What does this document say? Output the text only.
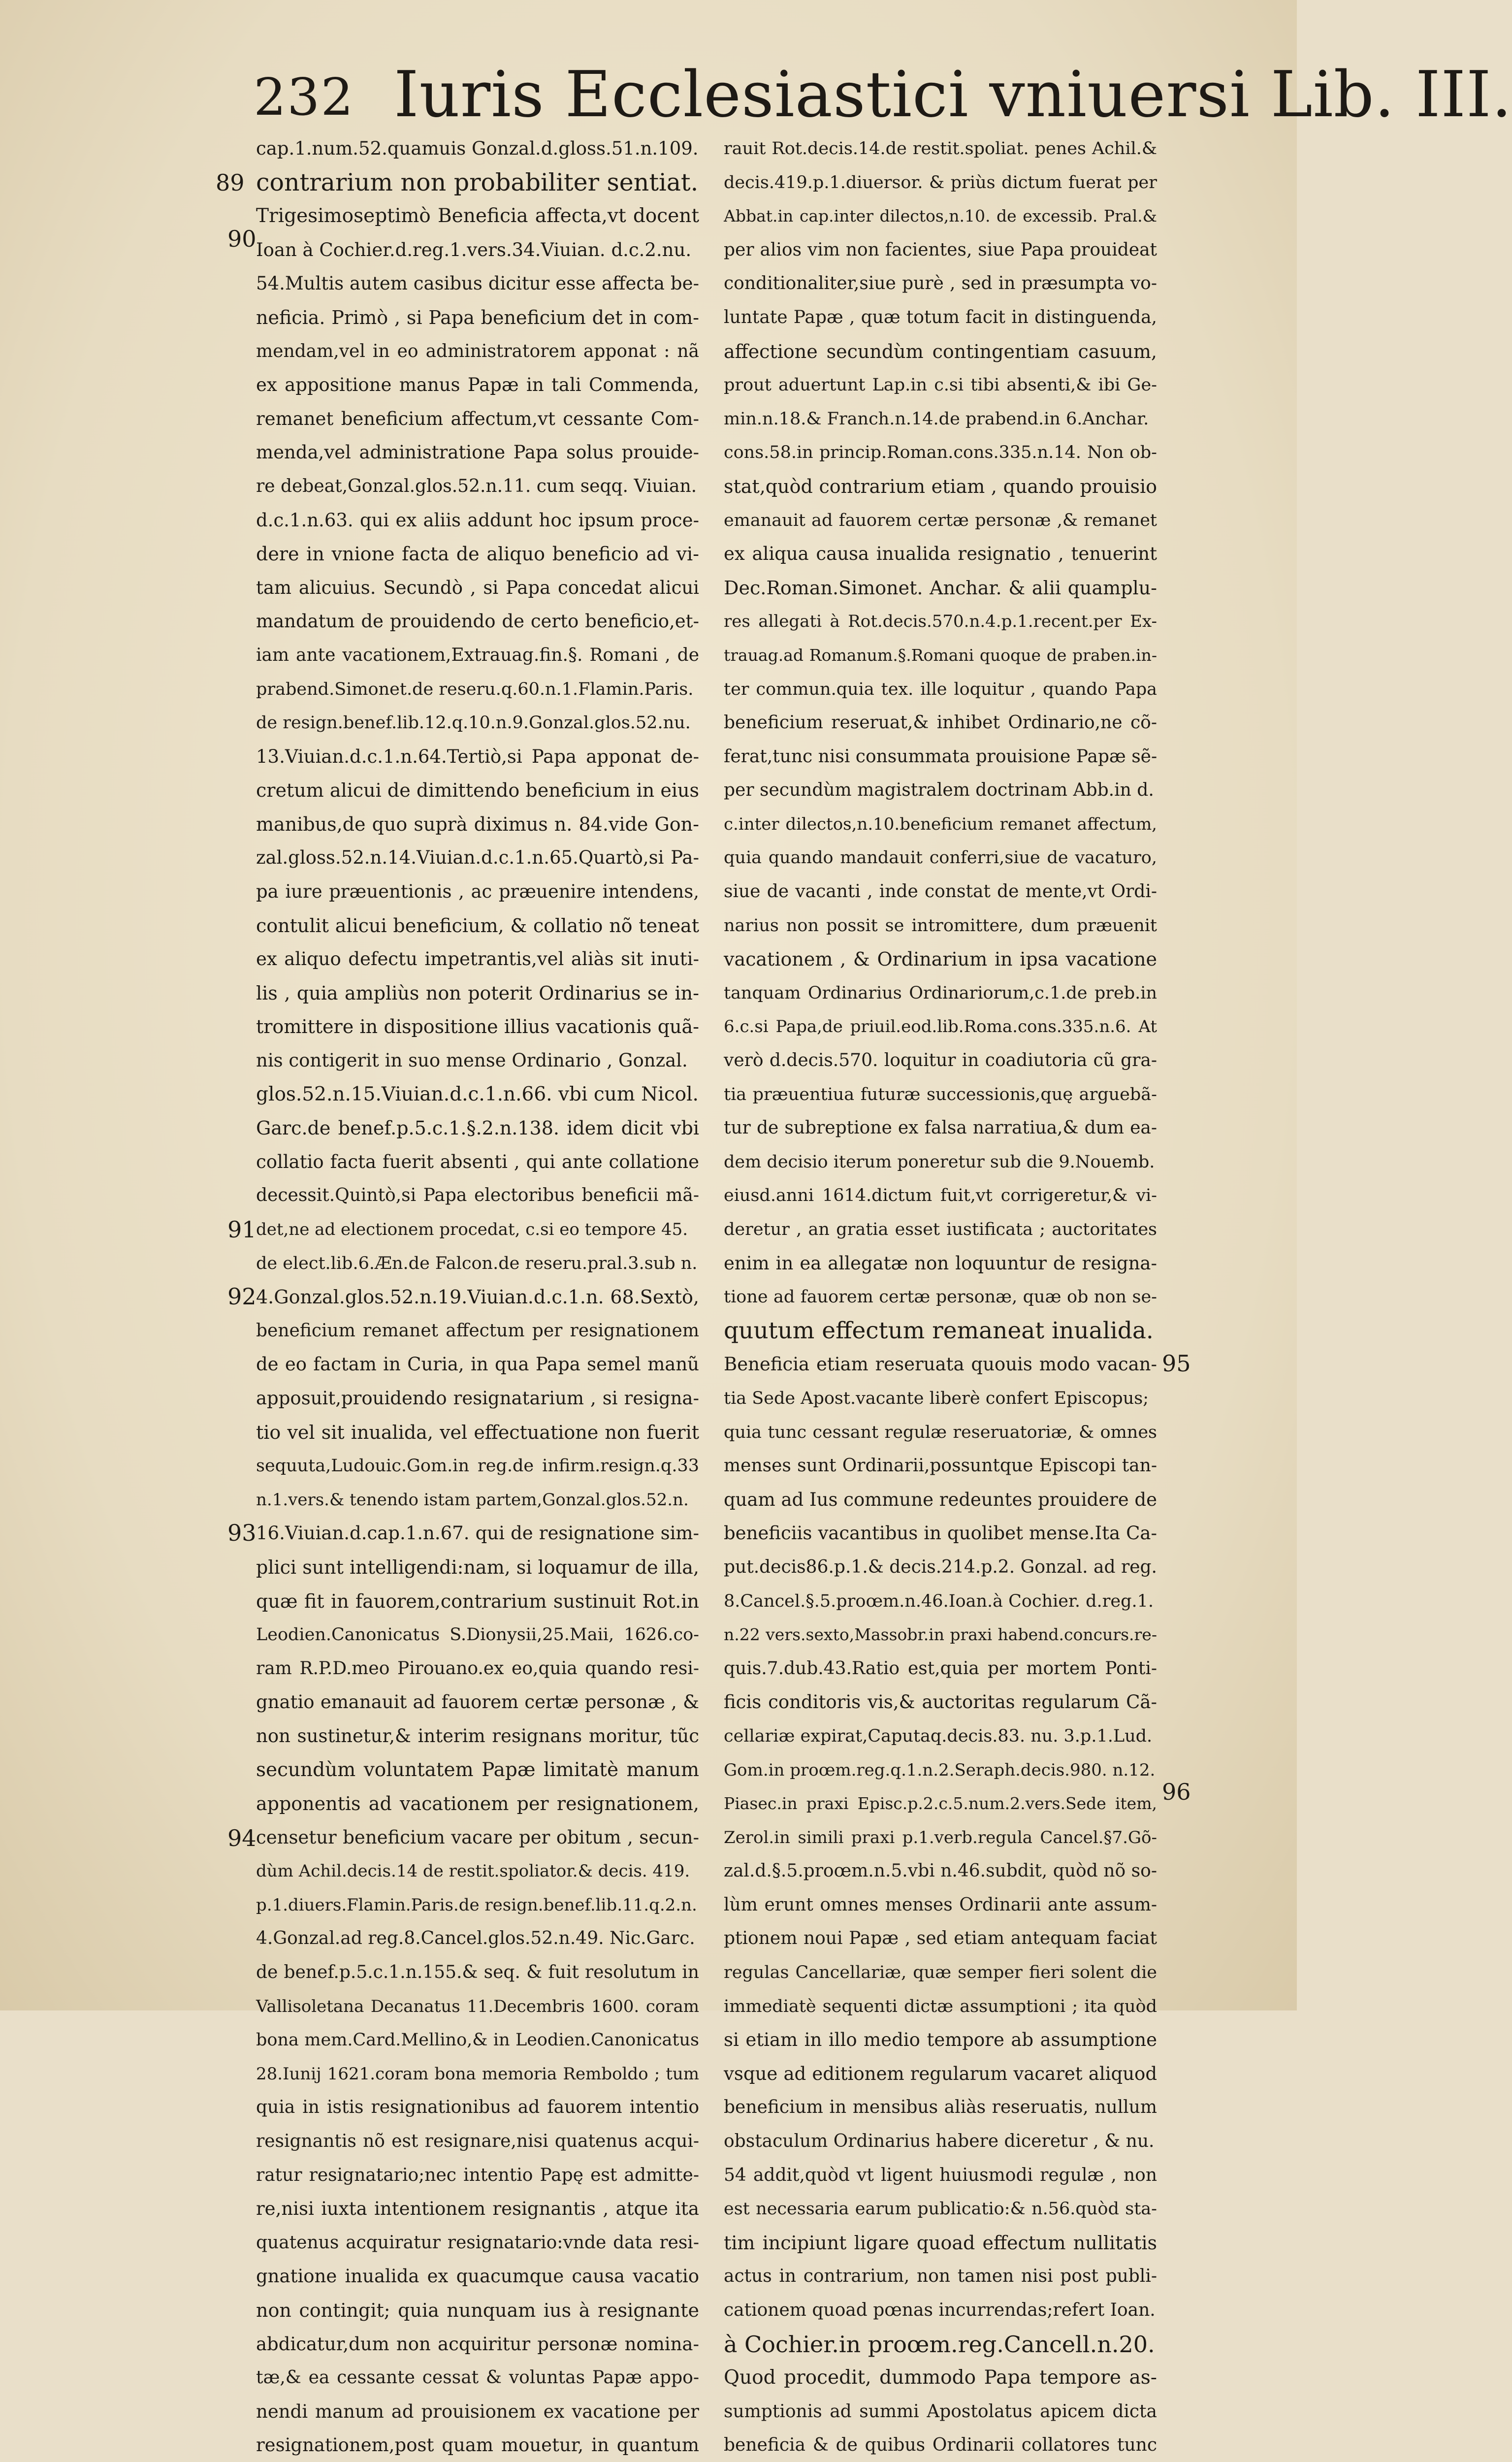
232 Iuris Ecclesiastici vniuersi Lib. III.
cap.1.num.52.quamuis Gonzal.d.gloss.51.n.109.
contrarium non probabiliter sentiat.
Trigesimoseptimò Beneficia affecta,vt docent
Ioan à Cochier.d.reg.1.vers.34.Viuian. d.c.2.nu.
54.Multis autem casibus dicitur esse affecta be-
neficia. Primò , si Papa beneficium det in com-
mendam,vel in eo administratorem apponat : nã
ex appositione manus Papæ in tali Commenda,
remanet beneficium affectum,vt cessante Com-
menda,vel administratione Papa solus prouide-
re debeat,Gonzal.glos.52.n.11. cum seqq. Viuian.
d.c.1.n.63. qui ex aliis addunt hoc ipsum proce-
dere in vnione facta de aliquo beneficio ad vi-
tam alicuius. Secundò , si Papa concedat alicui
mandatum de prouidendo de certo beneficio,et-
iam ante vacationem,Extrauag.fin.§. Romani , de
prabend.Simonet.de reseru.q.60.n.1.Flamin.Paris.
de resign.benef.lib.12.q.10.n.9.Gonzal.glos.52.nu.
13.Viuian.d.c.1.n.64.Tertiò,si Papa apponat de-
cretum alicui de dimittendo beneficium in eius
manibus,de quo suprà diximus n. 84.vide Gon-
zal.gloss.52.n.14.Viuian.d.c.1.n.65.Quartò,si Pa-
pa iure præuentionis , ac præuenire intendens,
contulit alicui beneficium, & collatio nõ teneat
ex aliquo defectu impetrantis,vel aliàs sit inuti-
lis , quia ampliùs non poterit Ordinarius se in-
tromittere in dispositione illius vacationis quã-
nis contigerit in suo mense Ordinario , Gonzal.
glos.52.n.15.Viuian.d.c.1.n.66. vbi cum Nicol.
Garc.de benef.p.5.c.1.§.2.n.138. idem dicit vbi
collatio facta fuerit absenti , qui ante collatione
decessit.Quintò,si Papa electoribus beneficii mã-
det,ne ad electionem procedat, c.si eo tempore 45.
de elect.lib.6.Æn.de Falcon.de reseru.pral.3.sub n.
4.Gonzal.glos.52.n.19.Viuian.d.c.1.n. 68.Sextò,
beneficium remanet affectum per resignationem
de eo factam in Curia, in qua Papa semel manũ
apposuit,prouidendo resignatarium , si resigna-
tio vel sit inualida, vel effectuatione non fuerit
sequuta,Ludouic.Gom.in reg.de infirm.resign.q.33
n.1.vers.& tenendo istam partem,Gonzal.glos.52.n.
16.Viuian.d.cap.1.n.67. qui de resignatione sim-
plici sunt intelligendi:nam, si loquamur de illa,
quæ fit in fauorem,contrarium sustinuit Rot.in
Leodien.Canonicatus S.Dionysii,25.Maii, 1626.co-
ram R.P.D.meo Pirouano.ex eo,quia quando resi-
gnatio emanauit ad fauorem certæ personæ , &
non sustinetur,& interim resignans moritur, tũc
secundùm voluntatem Papæ limitatè manum
apponentis ad vacationem per resignationem,
censetur beneficium vacare per obitum , secun-
dùm Achil.decis.14 de restit.spoliator.& decis. 419.
p.1.diuers.Flamin.Paris.de resign.benef.lib.11.q.2.n.
4.Gonzal.ad reg.8.Cancel.glos.52.n.49. Nic.Garc.
de benef.p.5.c.1.n.155.& seq. & fuit resolutum in
Vallisoletana Decanatus 11.Decembris 1600. coram
bona mem.Card.Mellino,& in Leodien.Canonicatus
28.Iunij 1621.coram bona memoria Remboldo ; tum
quia in istis resignationibus ad fauorem intentio
resignantis nõ est resignare,nisi quatenus acqui-
ratur resignatario;nec intentio Papę est admitte-
re,nisi iuxta intentionem resignantis , atque ita
quatenus acquiratur resignatario:vnde data resi-
gnatione inualida ex quacumque causa vacatio
non contingit; quia nunquam ius à resignante
abdicatur,dum non acquiritur personæ nomina-
tæ,& ea cessante cessat & voluntas Papæ appo-
nendi manum ad prouisionem ex vacatione per
resignationem,post quam mouetur, in quantum
rauit Rot.decis.14.de restit.spoliat. penes Achil.&
decis.419.p.1.diuersor. & priùs dictum fuerat per
Abbat.in cap.inter dilectos,n.10. de excessib. Pral.&
per alios vim non facientes, siue Papa prouideat
conditionaliter,siue purè , sed in præsumpta vo-
luntate Papæ , quæ totum facit in distinguenda,
affectione secundùm contingentiam casuum,
prout aduertunt Lap.in c.si tibi absenti,& ibi Ge-
min.n.18.& Franch.n.14.de prabend.in 6.Anchar.
cons.58.in princip.Roman.cons.335.n.14. Non ob-
stat,quòd contrarium etiam , quando prouisio
emanauit ad fauorem certæ personæ ,& remanet
ex aliqua causa inualida resignatio , tenuerint
Dec.Roman.Simonet. Anchar. & alii quamplu-
res allegati à Rot.decis.570.n.4.p.1.recent.per Ex-
trauag.ad Romanum.§.Romani quoque de praben.in-
ter commun.quia tex. ille loquitur , quando Papa
beneficium reseruat,& inhibet Ordinario,ne cõ-
ferat,tunc nisi consummata prouisione Papæ sẽ-
per secundùm magistralem doctrinam Abb.in d.
c.inter dilectos,n.10.beneficium remanet affectum,
quia quando mandauit conferri,siue de vacaturo,
siue de vacanti , inde constat de mente,vt Ordi-
narius non possit se intromittere, dum præuenit
vacationem , & Ordinarium in ipsa vacatione
tanquam Ordinarius Ordinariorum,c.1.de preb.in
6.c.si Papa,de priuil.eod.lib.Roma.cons.335.n.6. At
verò d.decis.570. loquitur in coadiutoria cũ gra-
tia præuentiua futuræ successionis,quę arguebã-
tur de subreptione ex falsa narratiua,& dum ea-
dem decisio iterum poneretur sub die 9.Nouemb.
eiusd.anni 1614.dictum fuit,vt corrigeretur,& vi-
deretur , an gratia esset iustificata ; auctoritates
enim in ea allegatæ non loquuntur de resigna-
tione ad fauorem certæ personæ, quæ ob non se-
quutum effectum remaneat inualida.
Beneficia etiam reseruata quouis modo vacan-
tia Sede Apost.vacante liberè confert Episcopus;
quia tunc cessant regulæ reseruatoriæ, & omnes
menses sunt Ordinarii,possuntque Episcopi tan-
quam ad Ius commune redeuntes prouidere de
beneficiis vacantibus in quolibet mense.Ita Ca-
put.decis86.p.1.& decis.214.p.2. Gonzal. ad reg.
8.Cancel.§.5.proœm.n.46.Ioan.à Cochier. d.reg.1.
n.22 vers.sexto,Massobr.in praxi habend.concurs.re-
quis.7.dub.43.Ratio est,quia per mortem Ponti-
ficis conditoris vis,& auctoritas regularum Cã-
cellariæ expirat,Caputaq.decis.83. nu. 3.p.1.Lud.
Gom.in proœm.reg.q.1.n.2.Seraph.decis.980. n.12.
Piasec.in praxi Episc.p.2.c.5.num.2.vers.Sede item,
Zerol.in simili praxi p.1.verb.regula Cancel.§7.Gõ-
zal.d.§.5.proœm.n.5.vbi n.46.subdit, quòd nõ so-
lùm erunt omnes menses Ordinarii ante assum-
ptionem noui Papæ , sed etiam antequam faciat
regulas Cancellariæ, quæ semper fieri solent die
immediatè sequenti dictæ assumptioni ; ita quòd
si etiam in illo medio tempore ab assumptione
vsque ad editionem regularum vacaret aliquod
beneficium in mensibus aliàs reseruatis, nullum
obstaculum Ordinarius habere diceretur , & nu.
54 addit,quòd vt ligent huiusmodi regulæ , non
est necessaria earum publicatio:& n.56.quòd sta-
tim incipiunt ligare quoad effectum nullitatis
actus in contrarium, non tamen nisi post publi-
cationem quoad pœnas incurrendas;refert Ioan.
à Cochier.in proœm.reg.Cancell.n.20.
Quod procedit, dummodo Papa tempore as-
sumptionis ad summi Apostolatus apicem dicta
beneficia & de quibus Ordinarii collatores tunc
89
90
91
92
93
94
95
96
